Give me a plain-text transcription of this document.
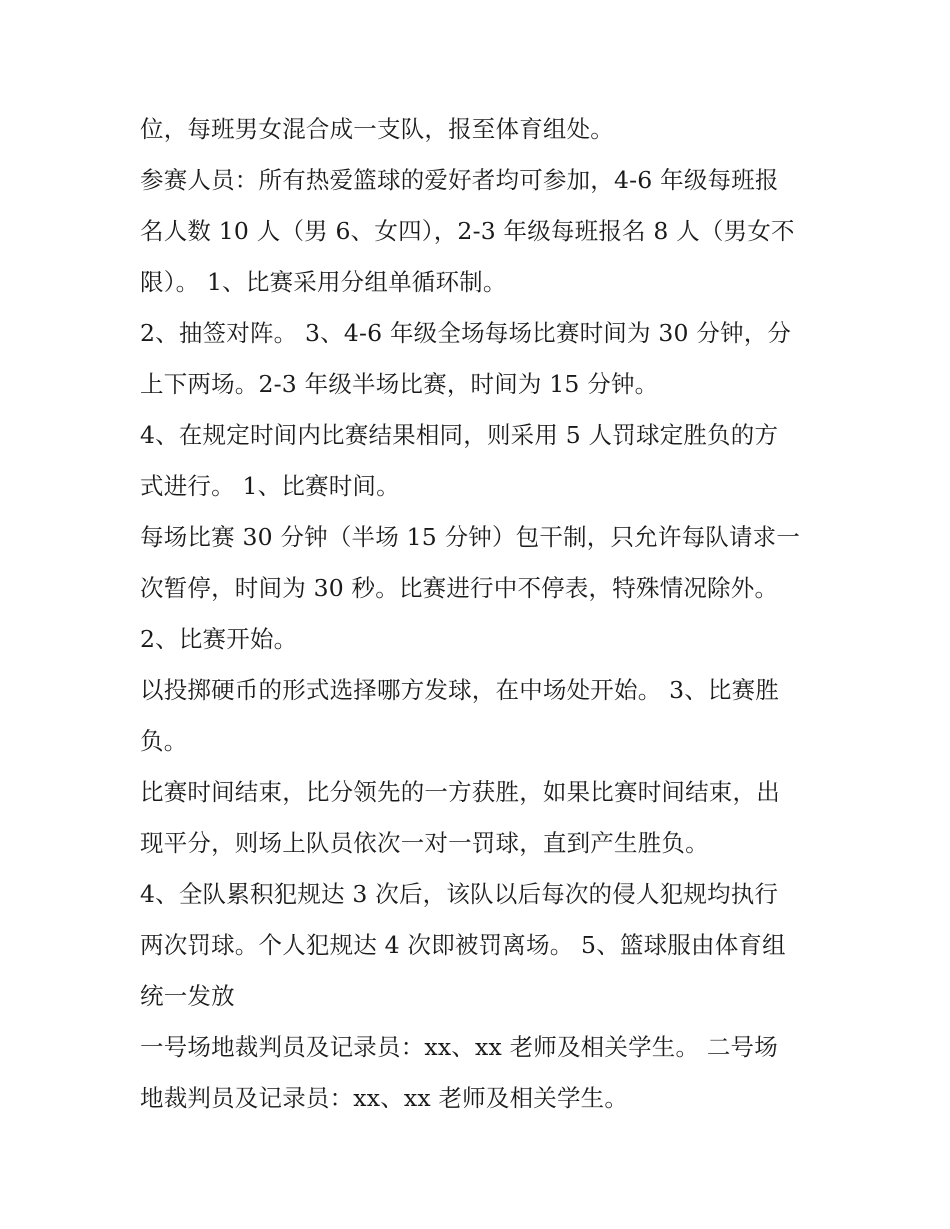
位，每班男女混合成一支队，报至体育组处。
参赛人员：所有热爱篮球的爱好者均可参加，4-6 年级每班报
名人数 10 人（男 6、女四），2-3 年级每班报名 8 人（男女不
限）。 1、比赛采用分组单循环制。
2、抽签对阵。 3、4-6 年级全场每场比赛时间为 30 分钟，分
上下两场。2-3 年级半场比赛，时间为 15 分钟。
4、在规定时间内比赛结果相同，则采用 5 人罚球定胜负的方
式进行。 1、比赛时间。
每场比赛 30 分钟（半场 15 分钟）包干制，只允许每队请求一
次暂停，时间为 30 秒。比赛进行中不停表，特殊情况除外。
2、比赛开始。
以投掷硬币的形式选择哪方发球，在中场处开始。 3、比赛胜
负。
比赛时间结束，比分领先的一方获胜，如果比赛时间结束，出
现平分，则场上队员依次一对一罚球，直到产生胜负。
4、全队累积犯规达 3 次后，该队以后每次的侵人犯规均执行
两次罚球。个人犯规达 4 次即被罚离场。 5、篮球服由体育组
统一发放
一号场地裁判员及记录员：xx、xx 老师及相关学生。 二号场
地裁判员及记录员：xx、xx 老师及相关学生。
